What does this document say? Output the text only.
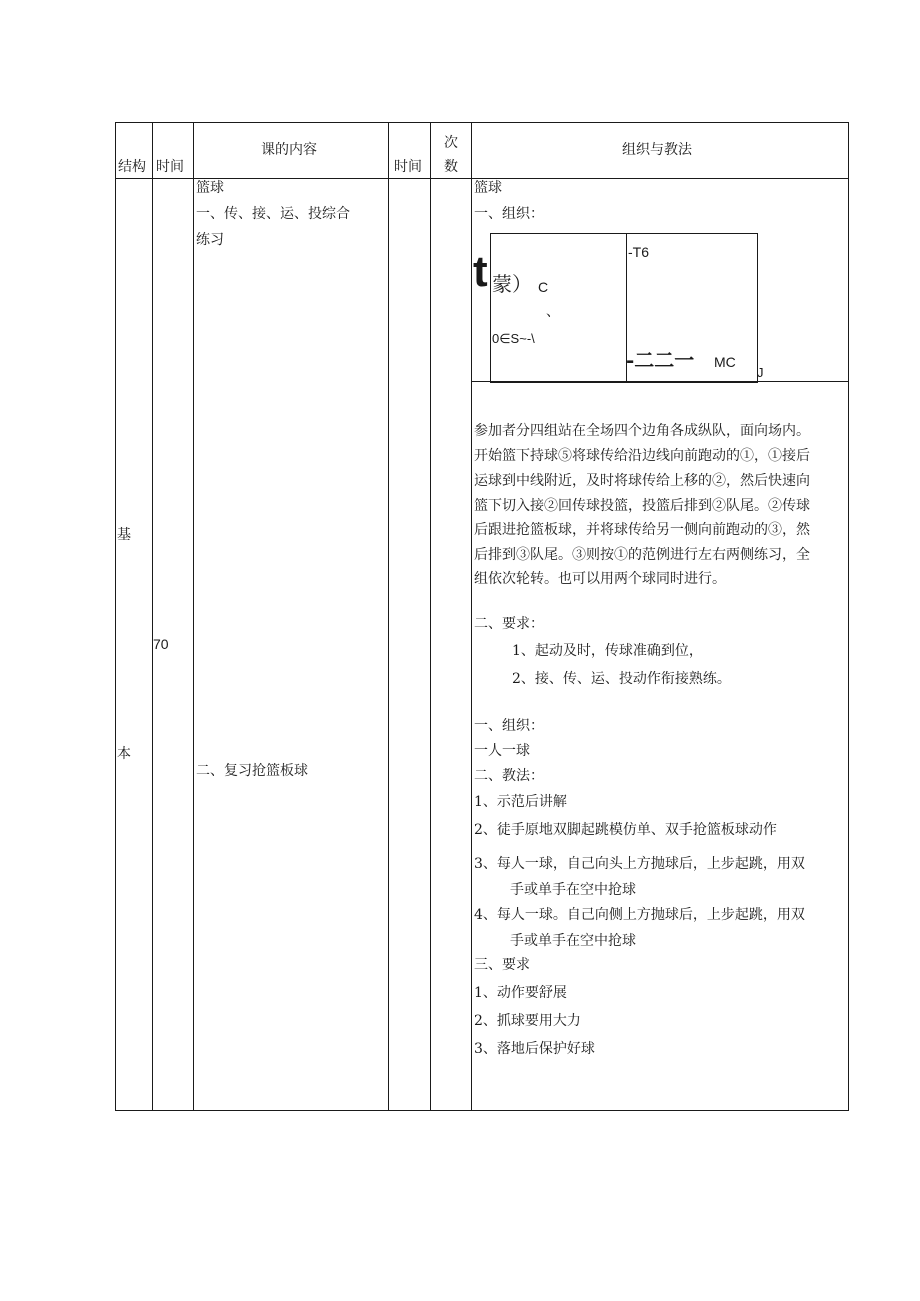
结构 时间
课的内容
时间
次
数
组织与教法
基
本
70
篮球
一、传、接、运、投综合
练习
二、复习抢篮板球
篮球
一、组织：
t 蒙） C
、
0∈S~-\
-T6
-二二一 MC
J
参加者分四组站在全场四个边角各成纵队，面向场内。
开始篮下持球⑤将球传给沿边线向前跑动的①，①接后
运球到中线附近，及时将球传给上移的②，然后快速向
篮下切入接②回传球投篮，投篮后排到②队尾。②传球
后跟进抢篮板球，并将球传给另一侧向前跑动的③，然
后排到③队尾。③则按①的范例进行左右两侧练习，全
组依次轮转。也可以用两个球同时进行。
二、要求：
1、起动及时，传球准确到位，
2、接、传、运、投动作衔接熟练。
一、组织：
一人一球
二、教法：
1、示范后讲解
2、徒手原地双脚起跳模仿单、双手抢篮板球动作
3、每人一球，自己向头上方抛球后，上步起跳，用双
手或单手在空中抢球
4、每人一球。自己向侧上方抛球后，上步起跳，用双
手或单手在空中抢球
三、要求
1、动作要舒展
2、抓球要用大力
3、落地后保护好球
